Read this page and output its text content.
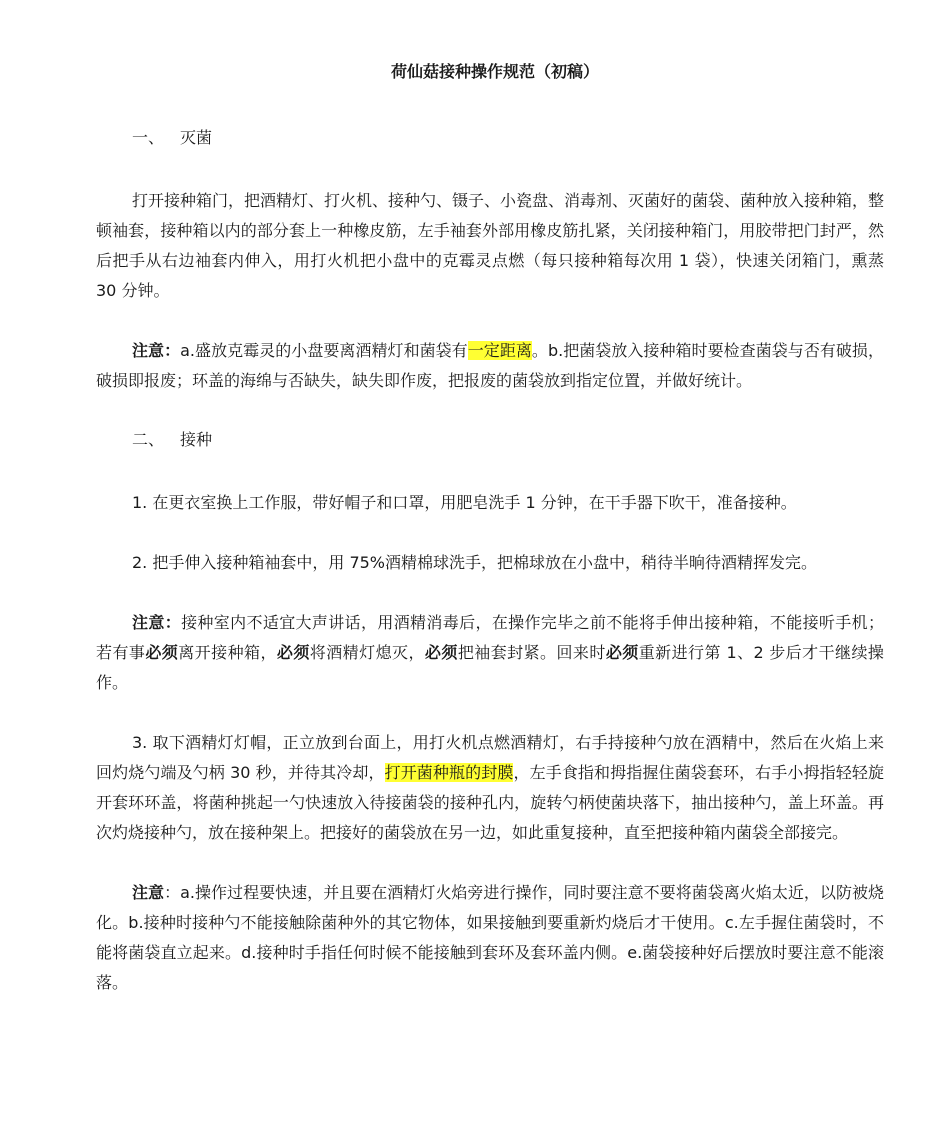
荷仙菇接种操作规范（初稿）
一、 灭菌

打开接种箱门，把酒精灯、打火机、接种勺、镊子、小瓷盘、消毒剂、灭菌好的菌袋、菌种放入接种箱，整顿袖套，接种箱以内的部分套上一种橡皮筋，左手袖套外部用橡皮筋扎紧，关闭接种箱门，用胶带把门封严，然后把手从右边袖套内伸入，用打火机把小盘中的克霉灵点燃（每只接种箱每次用 1 袋），快速关闭箱门，熏蒸 30 分钟。

注意：a.盛放克霉灵的小盘要离酒精灯和菌袋有一定距离。b.把菌袋放入接种箱时要检查菌袋与否有破损，破损即报废；环盖的海绵与否缺失，缺失即作废，把报废的菌袋放到指定位置，并做好统计。

二、 接种

1. 在更衣室换上工作服，带好帽子和口罩，用肥皂洗手 1 分钟，在干手器下吹干，准备接种。

2. 把手伸入接种箱袖套中，用 75%酒精棉球洗手，把棉球放在小盘中，稍待半晌待酒精挥发完。

注意：接种室内不适宜大声讲话，用酒精消毒后，在操作完毕之前不能将手伸出接种箱，不能接听手机；若有事必须离开接种箱，必须将酒精灯熄灭，必须把袖套封紧。回来时必须重新进行第 1、2 步后才干继续操作。

3. 取下酒精灯灯帽，正立放到台面上，用打火机点燃酒精灯，右手持接种勺放在酒精中，然后在火焰上来回灼烧勺端及勺柄 30 秒，并待其冷却，打开菌种瓶的封膜，左手食指和拇指握住菌袋套环，右手小拇指轻轻旋开套环环盖，将菌种挑起一勺快速放入待接菌袋的接种孔内，旋转勺柄使菌块落下，抽出接种勺，盖上环盖。再次灼烧接种勺，放在接种架上。把接好的菌袋放在另一边，如此重复接种，直至把接种箱内菌袋全部接完。

注意：a.操作过程要快速，并且要在酒精灯火焰旁进行操作，同时要注意不要将菌袋离火焰太近，以防被烧化。b.接种时接种勺不能接触除菌种外的其它物体，如果接触到要重新灼烧后才干使用。c.左手握住菌袋时，不能将菌袋直立起来。d.接种时手指任何时候不能接触到套环及套环盖内侧。e.菌袋接种好后摆放时要注意不能滚落。
